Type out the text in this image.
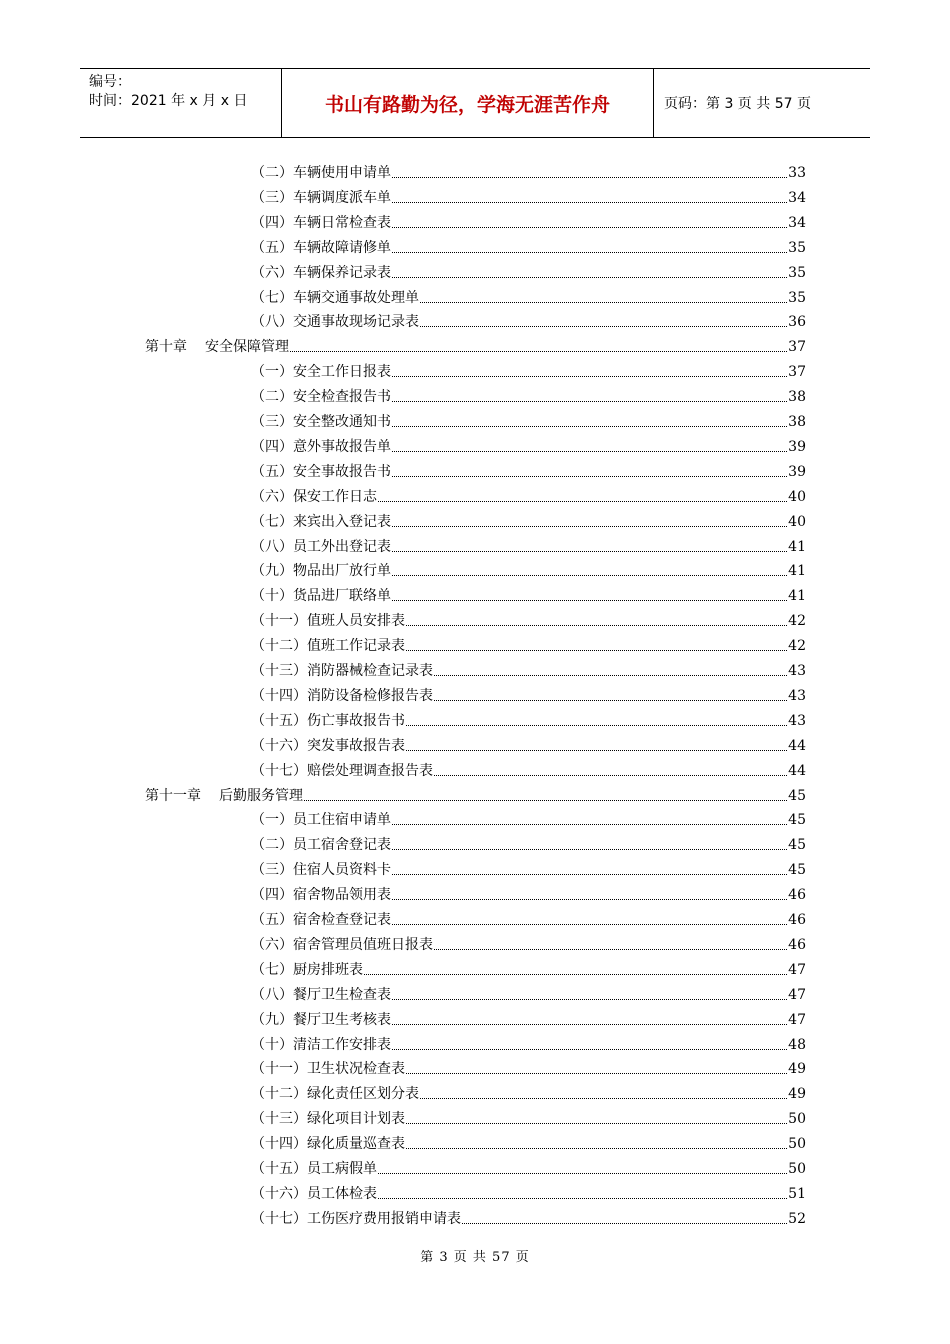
编号：
时间：2021 年 x 月 x 日	书山有路勤为径，学海无涯苦作舟	页码：第 3 页 共 57 页
（二）车辆使用申请单	33
（三）车辆调度派车单	34
（四）车辆日常检查表	34
（五）车辆故障请修单	35
（六）车辆保养记录表	35
（七）车辆交通事故处理单	35
（八）交通事故现场记录表	36
第十章 安全保障管理	37
（一）安全工作日报表	37
（二）安全检查报告书	38
（三）安全整改通知书	38
（四）意外事故报告单	39
（五）安全事故报告书	39
（六）保安工作日志	40
（七）来宾出入登记表	40
（八）员工外出登记表	41
（九）物品出厂放行单	41
（十）货品进厂联络单	41
（十一）值班人员安排表	42
（十二）值班工作记录表	42
（十三）消防器械检查记录表	43
（十四）消防设备检修报告表	43
（十五）伤亡事故报告书	43
（十六）突发事故报告表	44
（十七）赔偿处理调查报告表	44
第十一章 后勤服务管理	45
（一）员工住宿申请单	45
（二）员工宿舍登记表	45
（三）住宿人员资料卡	45
（四）宿舍物品领用表	46
（五）宿舍检查登记表	46
（六）宿舍管理员值班日报表	46
（七）厨房排班表	47
（八）餐厅卫生检查表	47
（九）餐厅卫生考核表	47
（十）清洁工作安排表	48
（十一）卫生状况检查表	49
（十二）绿化责任区划分表	49
（十三）绿化项目计划表	50
（十四）绿化质量巡查表	50
（十五）员工病假单	50
（十六）员工体检表	51
（十七）工伤医疗费用报销申请表	52
第 3 页 共 57 页
